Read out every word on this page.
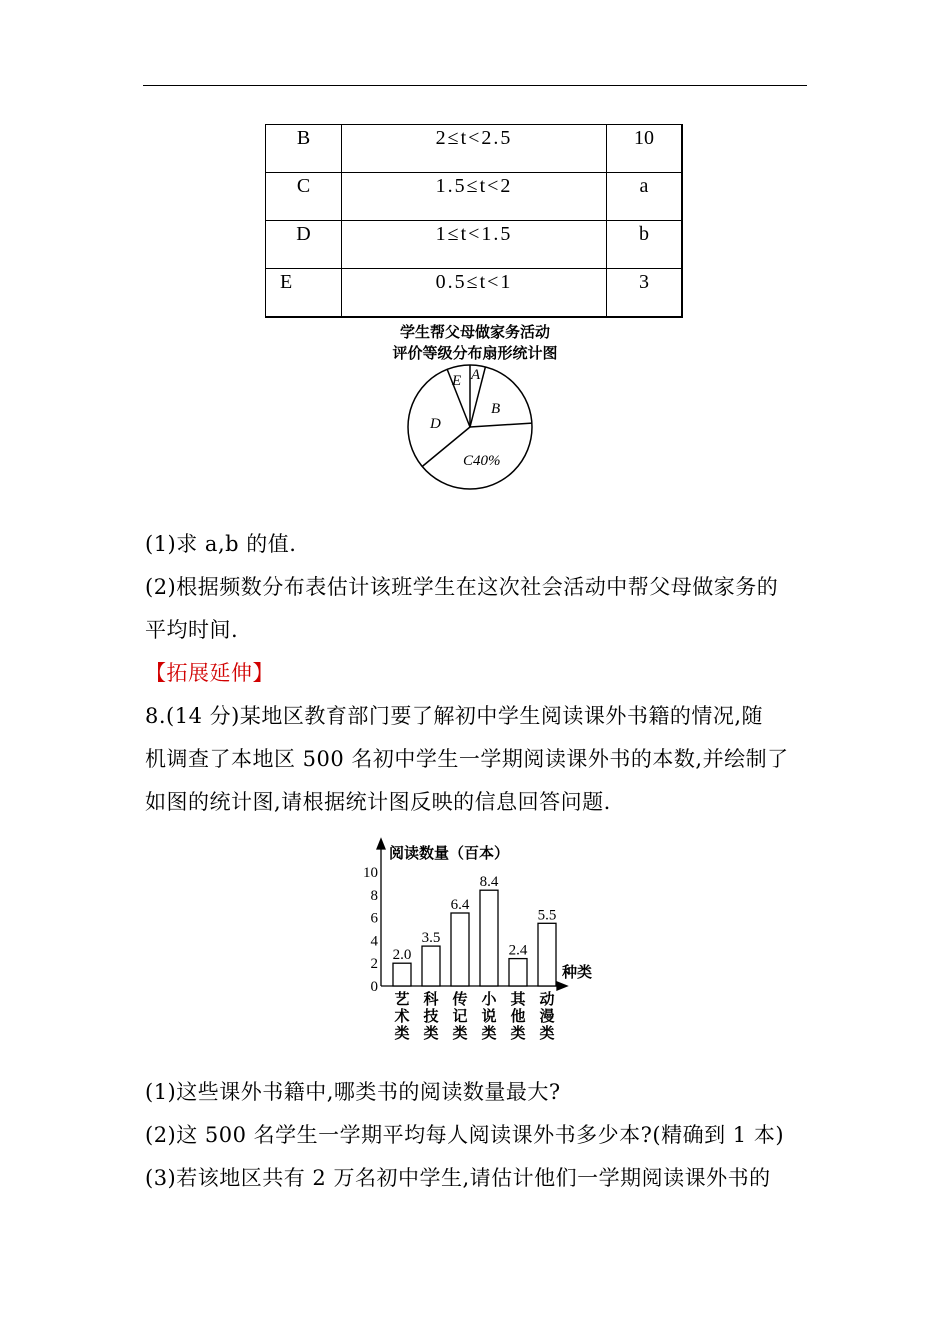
B	2≤t<2.5	10
C	1.5≤t<2	a
D	1≤t<1.5	b
E	0.5≤t<1	3
学生帮父母做家务活动
评价等级分布扇形统计图
E A
B
D
C40%
(1)求 a,b 的值.
(2)根据频数分布表估计该班学生在这次社会活动中帮父母做家务的
平均时间.
【拓展延伸】
8.(14 分)某地区教育部门要了解初中学生阅读课外书籍的情况,随
机调查了本地区 500 名初中学生一学期阅读课外书的本数,并绘制了
如图的统计图,请根据统计图反映的信息回答问题.
阅读数量（百本）
种类
0
2
4
6
8
10
2.0
3.5
6.4
8.4
2.4
5.5
艺
术
类
科
技
类
传
记
类
小
说
类
其
他
类
动
漫
类
(1)这些课外书籍中,哪类书的阅读数量最大?
(2)这 500 名学生一学期平均每人阅读课外书多少本?(精确到 1 本)
(3)若该地区共有 2 万名初中学生,请估计他们一学期阅读课外书的
